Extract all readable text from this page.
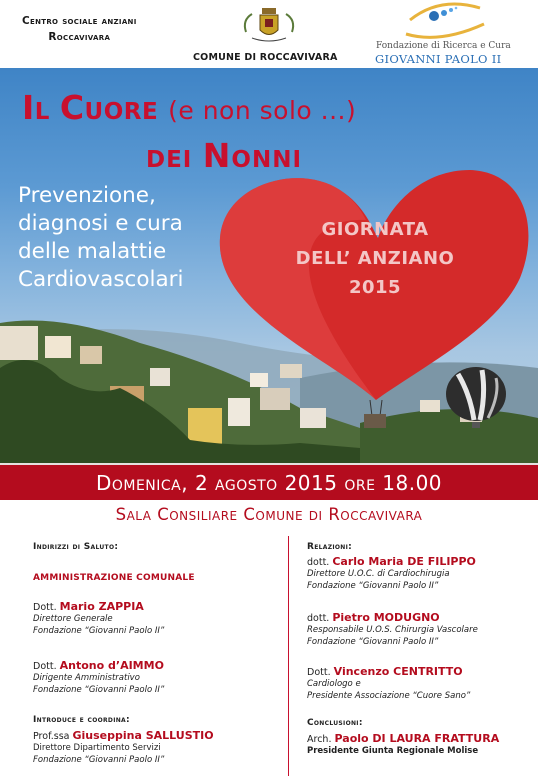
Centro sociale anziani
Roccavivara
COMUNE DI ROCCAVIVARA
Fondazione di Ricerca e Cura
GIOVANNI PAOLO II
Il Cuore (e non solo ...)
dei Nonni
Prevenzione,
diagnosi e cura
delle malattie
Cardiovascolari
GIORNATA
DELL’ ANZIANO
2015
Domenica, 2 agosto 2015 ore 18.00
Sala Consiliare Comune di Roccavivara
Indirizzi di Saluto:
AMMINISTRAZIONE COMUNALE
Dott. Mario ZAPPIA
Direttore Generale
Fondazione “Giovanni Paolo II”
Dott. Antono d’AIMMO
Dirigente Amministrativo
Fondazione “Giovanni Paolo II”
Introduce e coordina:
Prof.ssa Giuseppina SALLUSTIO
Direttore Dipartimento Servizi
Fondazione “Giovanni Paolo II”
Relazioni:
dott. Carlo Maria DE FILIPPO
Direttore U.O.C. di Cardiochirugia
Fondazione “Giovanni Paolo II”
dott. Pietro MODUGNO
Responsabile U.O.S. Chirurgia Vascolare
Fondazione “Giovanni Paolo II”
Dott. Vincenzo CENTRITTO
Cardiologo e
Presidente Associazione “Cuore Sano”
Conclusioni:
Arch. Paolo DI LAURA FRATTURA
Presidente Giunta Regionale Molise
